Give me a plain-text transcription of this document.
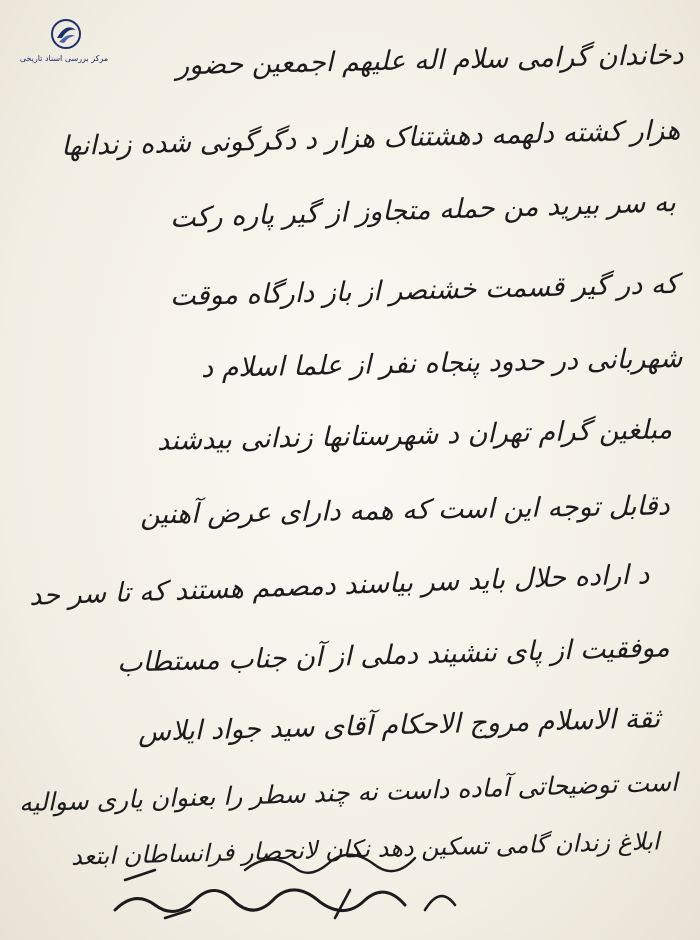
مرکز بررسی اسناد تاریخی	دخاندان گرامی سلام اله علیهم اجمعین حضور
هزار کشته دلهمه دهشتناک هزار د دگرگونی شده زندانها
به سر بیرید من حمله متجاوز از گیر پاره رکت
که در گیر قسمت خشنصر از باز دارگاه موقت
شهربانی در حدود پنجاه نفر از علما اسلام د
مبلغین گرام تهران د شهرستانها زندانی بیدشند
دقابل توجه این است که همه دارای عرض آهنین
د اراده حلال باید سر بیاسند دمصمم هستند که تا سر حد
موفقیت از پای ننشیند دملی از آن جناب مستطاب
ثقة الاسلام مروج الاحکام آقای سید جواد ایلاس
است توضیحاتی آماده داست نه چند سطر را بعنوان یاری سوالیه
ابلاغ زندان گامی تسکین دهد نکان لانحصار فرانساطان ابتعد
